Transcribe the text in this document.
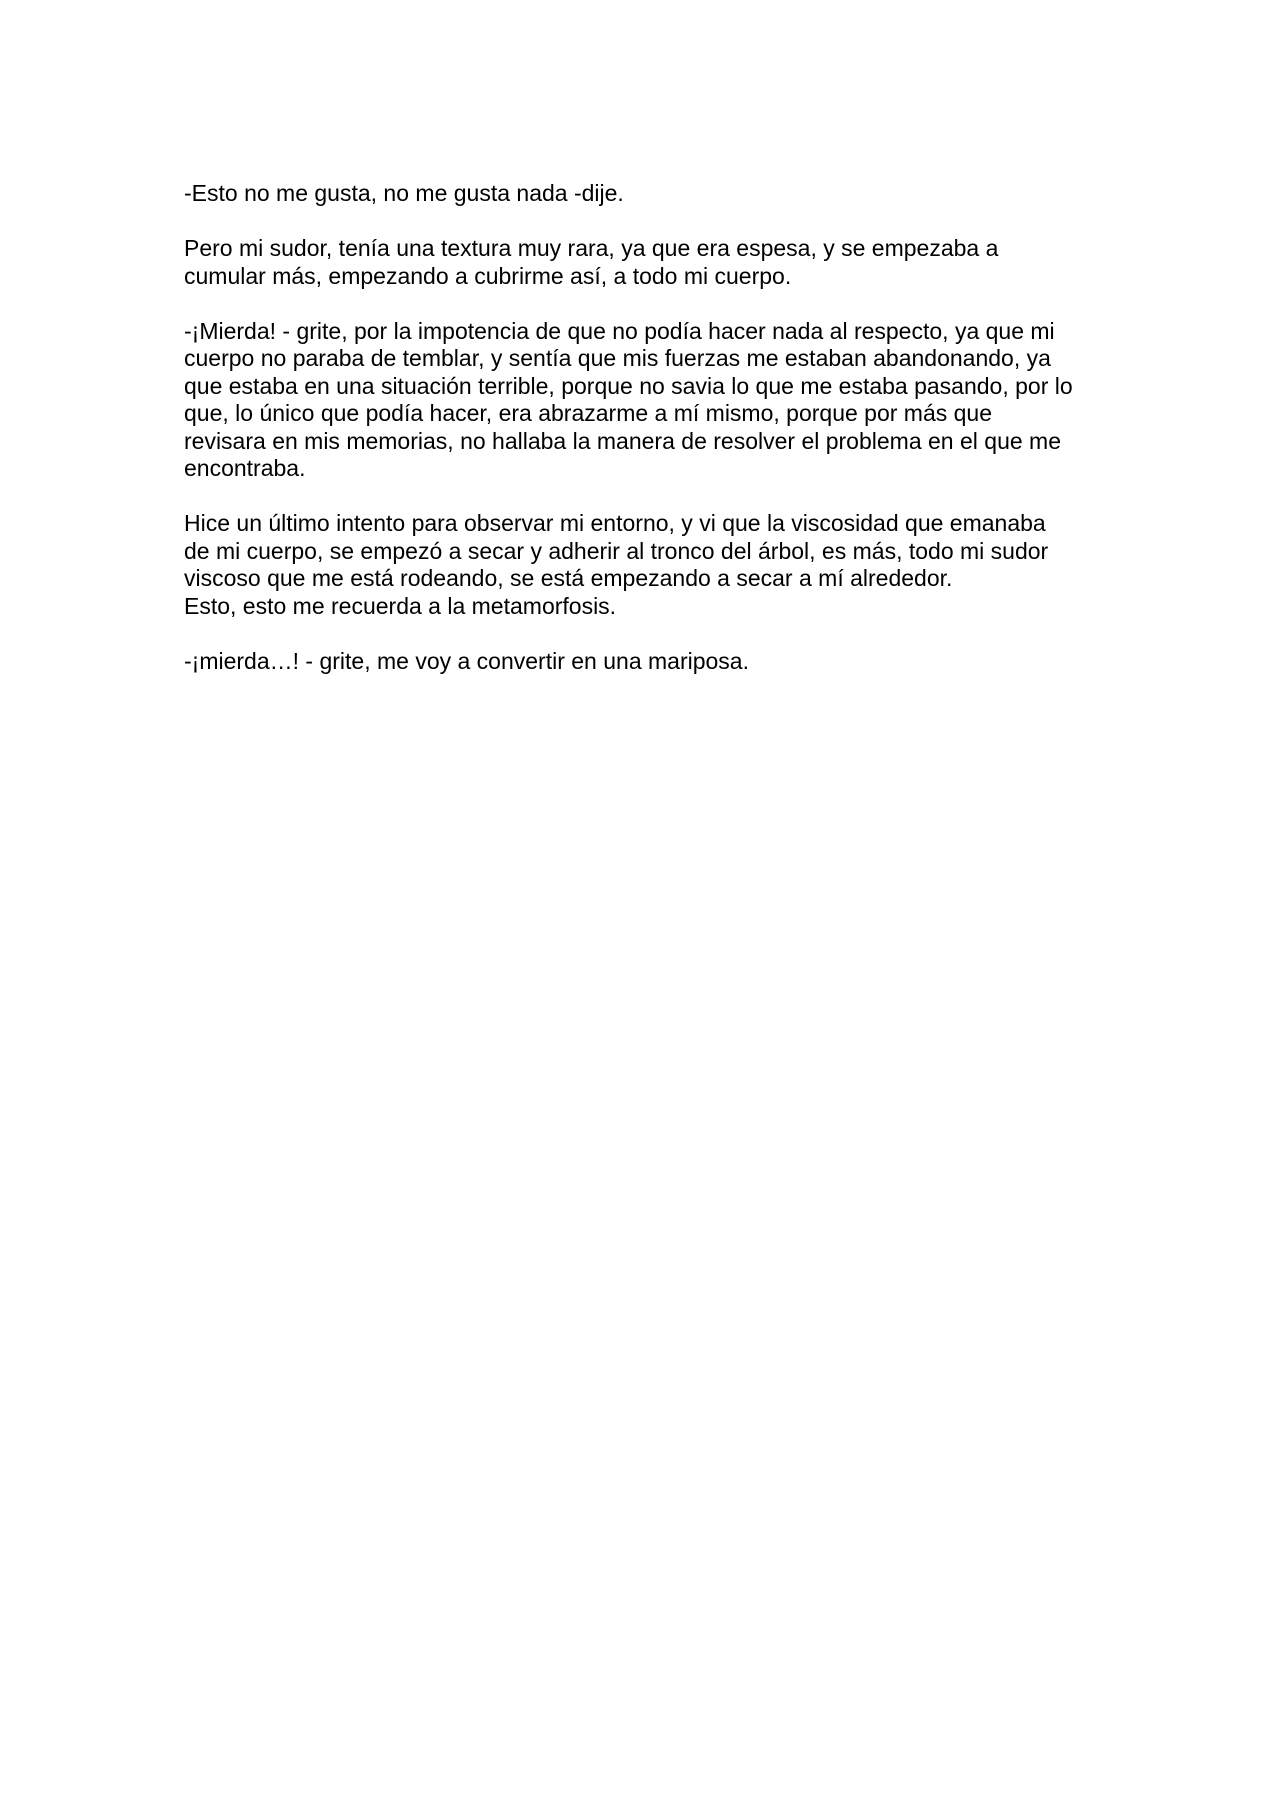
-Esto no me gusta, no me gusta nada -dije.

Pero mi sudor, tenía una textura muy rara, ya que era espesa, y se empezaba a
cumular más, empezando a cubrirme así, a todo mi cuerpo.

-¡Mierda! - grite, por la impotencia de que no podía hacer nada al respecto, ya que mi
cuerpo no paraba de temblar, y sentía que mis fuerzas me estaban abandonando, ya
que estaba en una situación terrible, porque no savia lo que me estaba pasando, por lo
que, lo único que podía hacer, era abrazarme a mí mismo, porque por más que
revisara en mis memorias, no hallaba la manera de resolver el problema en el que me
encontraba.

Hice un último intento para observar mi entorno, y vi que la viscosidad que emanaba
de mi cuerpo, se empezó a secar y adherir al tronco del árbol, es más, todo mi sudor
viscoso que me está rodeando, se está empezando a secar a mí alrededor.
Esto, esto me recuerda a la metamorfosis.

-¡mierda…! - grite, me voy a convertir en una mariposa.
